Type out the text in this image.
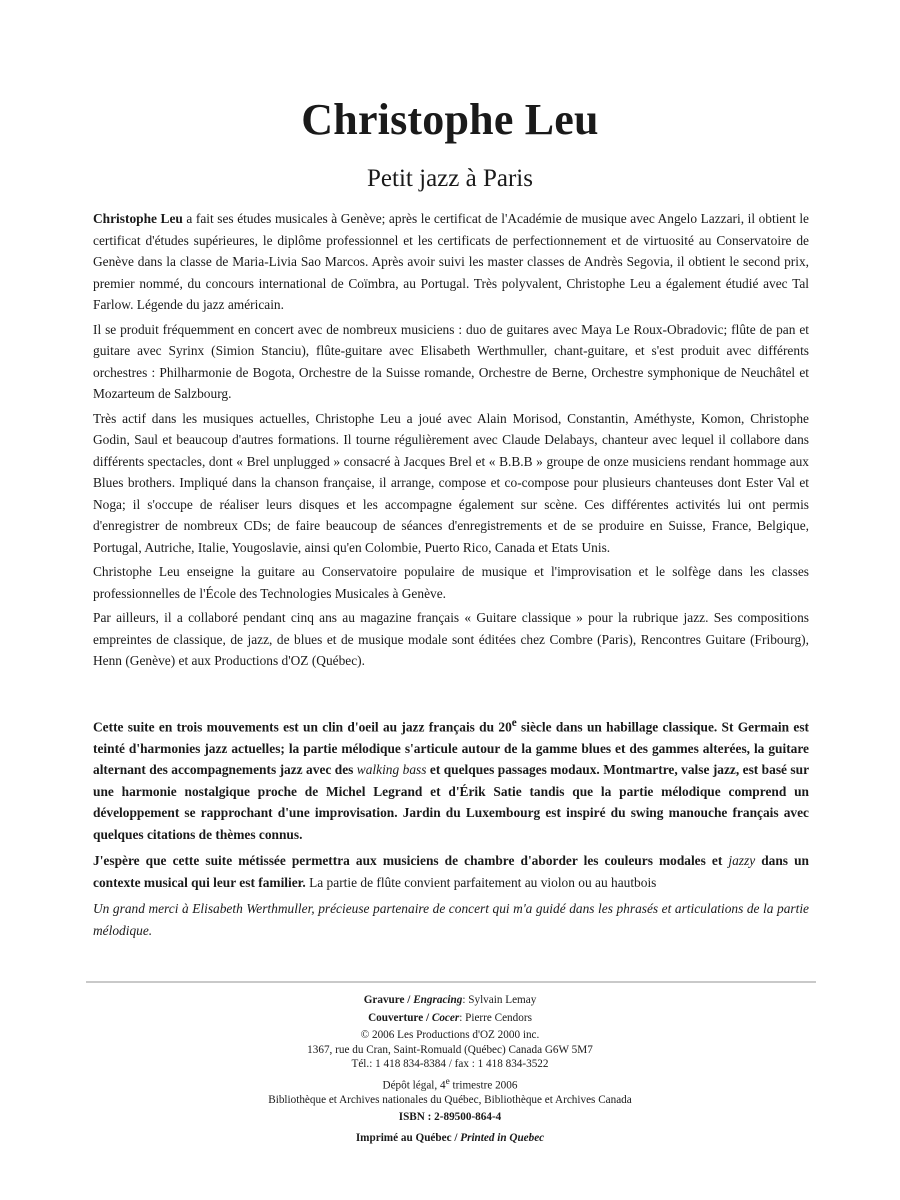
Christophe Leu
Petit jazz à Paris

Christophe Leu a fait ses études musicales à Genève; après le certificat de l'Académie de musique avec Angelo Lazzari, il obtient le certificat d'études supérieures, le diplôme professionnel et les certificats de perfectionnement et de virtuosité au Conservatoire de Genève dans la classe de Maria-Livia Sao Marcos. Après avoir suivi les master classes de Andrès Segovia, il obtient le second prix, premier nommé, du concours international de Coïmbra, au Portugal. Très polyvalent, Christophe Leu a également étudié avec Tal Farlow. Légende du jazz américain.

Il se produit fréquemment en concert avec de nombreux musiciens : duo de guitares avec Maya Le Roux-Obradovic; flûte de pan et guitare avec Syrinx (Simion Stanciu), flûte-guitare avec Elisabeth Werthmuller, chant-guitare, et s'est produit avec différents orchestres : Philharmonie de Bogota, Orchestre de la Suisse romande, Orchestre de Berne, Orchestre symphonique de Neuchâtel et Mozarteum de Salzbourg.

Très actif dans les musiques actuelles, Christophe Leu a joué avec Alain Morisod, Constantin, Améthyste, Komon, Christophe Godin, Saul et beaucoup d'autres formations. Il tourne régulièrement avec Claude Delabays, chanteur avec lequel il collabore dans différents spectacles, dont « Brel unplugged » consacré à Jacques Brel et « B.B.B » groupe de onze musiciens rendant hommage aux Blues brothers. Impliqué dans la chanson française, il arrange, compose et co-compose pour plusieurs chanteuses dont Ester Val et Noga; il s'occupe de réaliser leurs disques et les accompagne également sur scène. Ces différentes activités lui ont permis d'enregistrer de nombreux CDs; de faire beaucoup de séances d'enregistrements et de se produire en Suisse, France, Belgique, Portugal, Autriche, Italie, Yougoslavie, ainsi qu'en Colombie, Puerto Rico, Canada et Etats Unis.

Christophe Leu enseigne la guitare au Conservatoire populaire de musique et l'improvisation et le solfège dans les classes professionnelles de l'École des Technologies Musicales à Genève.

Par ailleurs, il a collaboré pendant cinq ans au magazine français « Guitare classique » pour la rubrique jazz. Ses compositions empreintes de classique, de jazz, de blues et de musique modale sont éditées chez Combre (Paris), Rencontres Guitare (Fribourg), Henn (Genève) et aux Productions d'OZ (Québec).

Cette suite en trois mouvements est un clin d'oeil au jazz français du 20e siècle dans un habillage classique. St Germain est teinté d'harmonies jazz actuelles; la partie mélodique s'articule autour de la gamme blues et des gammes alterées, la guitare alternant des accompagnements jazz avec des walking bass et quelques passages modaux. Montmartre, valse jazz, est basé sur une harmonie nostalgique proche de Michel Legrand et d'Érik Satie tandis que la partie mélodique comprend un développement se rapprochant d'une improvisation. Jardin du Luxembourg est inspiré du swing manouche français avec quelques citations de thèmes connus.

J'espère que cette suite métissée permettra aux musiciens de chambre d'aborder les couleurs modales et jazzy dans un contexte musical qui leur est familier. La partie de flûte convient parfaitement au violon ou au hautbois

Un grand merci à Elisabeth Werthmuller, précieuse partenaire de concert qui m'a guidé dans les phrasés et articulations de la partie mélodique.

Gravure / Engracing: Sylvain Lemay
Couverture / Cocer: Pierre Cendors
© 2006 Les Productions d'OZ 2000 inc.
1367, rue du Cran, Saint-Romuald (Québec) Canada G6W 5M7
Tél.: 1 418 834-8384 / fax : 1 418 834-3522
Dépôt légal, 4e trimestre 2006
Bibliothèque et Archives nationales du Québec, Bibliothèque et Archives Canada
ISBN : 2-89500-864-4
Imprimé au Québec / Printed in Quebec
